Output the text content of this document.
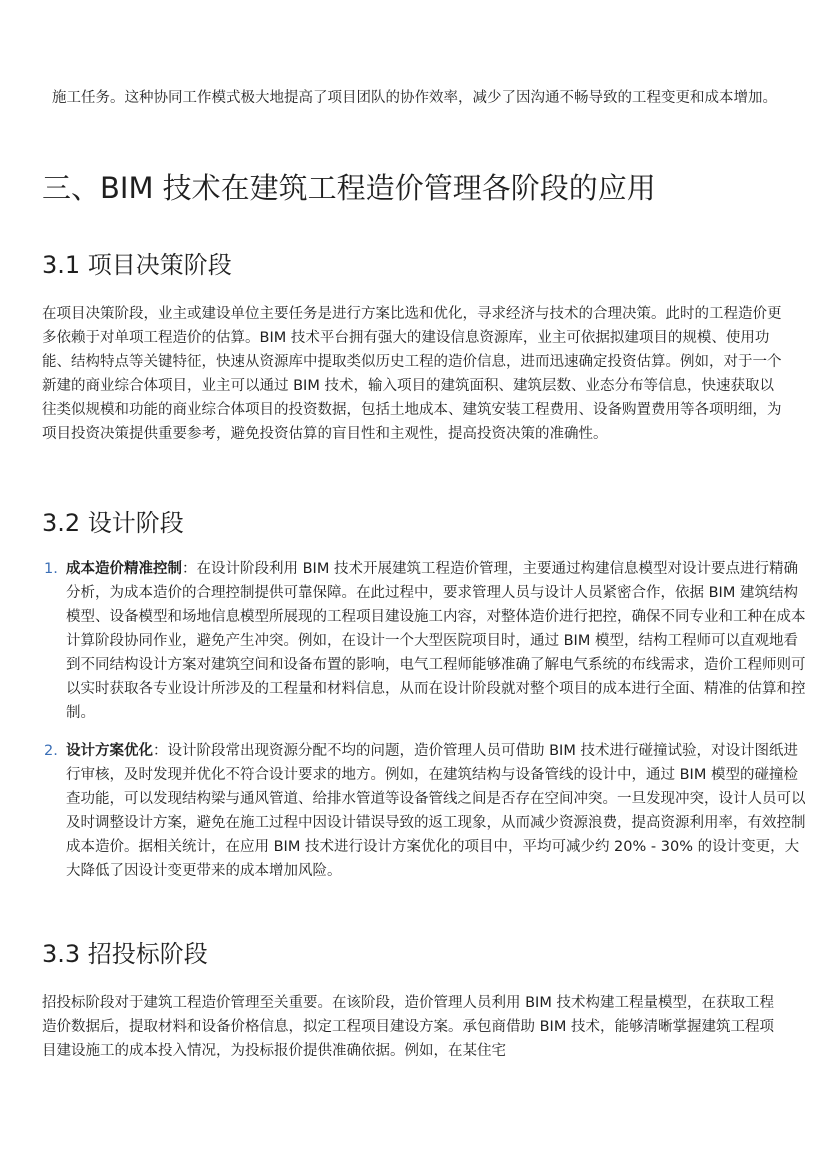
施工任务。这种协同工作模式极大地提高了项目团队的协作效率，减少了因沟通不畅导致的工程变更和成本增加。

三、BIM 技术在建筑工程造价管理各阶段的应用
3.1 项目决策阶段

在项目决策阶段，业主或建设单位主要任务是进行方案比选和优化，寻求经济与技术的合理决策。此时的工程造价更多依赖于对单项工程造价的估算。BIM 技术平台拥有强大的建设信息资源库，业主可依据拟建项目的规模、使用功能、结构特点等关键特征，快速从资源库中提取类似历史工程的造价信息，进而迅速确定投资估算。例如，对于一个新建的商业综合体项目，业主可以通过 BIM 技术，输入项目的建筑面积、建筑层数、业态分布等信息，快速获取以往类似规模和功能的商业综合体项目的投资数据，包括土地成本、建筑安装工程费用、设备购置费用等各项明细，为项目投资决策提供重要参考，避免投资估算的盲目性和主观性，提高投资决策的准确性。

3.2 设计阶段
1. 成本造价精准控制：在设计阶段利用 BIM 技术开展建筑工程造价管理，主要通过构建信息模型对设计要点进行精确分析，为成本造价的合理控制提供可靠保障。在此过程中，要求管理人员与设计人员紧密合作，依据 BIM 建筑结构模型、设备模型和场地信息模型所展现的工程项目建设施工内容，对整体造价进行把控，确保不同专业和工种在成本计算阶段协同作业，避免产生冲突。例如，在设计一个大型医院项目时，通过 BIM 模型，结构工程师可以直观地看到不同结构设计方案对建筑空间和设备布置的影响，电气工程师能够准确了解电气系统的布线需求，造价工程师则可以实时获取各专业设计所涉及的工程量和材料信息，从而在设计阶段就对整个项目的成本进行全面、精准的估算和控制。

2. 设计方案优化：设计阶段常出现资源分配不均的问题，造价管理人员可借助 BIM 技术进行碰撞试验，对设计图纸进行审核，及时发现并优化不符合设计要求的地方。例如，在建筑结构与设备管线的设计中，通过 BIM 模型的碰撞检查功能，可以发现结构梁与通风管道、给排水管道等设备管线之间是否存在空间冲突。一旦发现冲突，设计人员可以及时调整设计方案，避免在施工过程中因设计错误导致的返工现象，从而减少资源浪费，提高资源利用率，有效控制成本造价。据相关统计，在应用 BIM 技术进行设计方案优化的项目中，平均可减少约 20% - 30% 的设计变更，大大降低了因设计变更带来的成本增加风险。

3.3 招投标阶段

招投标阶段对于建筑工程造价管理至关重要。在该阶段，造价管理人员利用 BIM 技术构建工程量模型，在获取工程造价数据后，提取材料和设备价格信息，拟定工程项目建设方案。承包商借助 BIM 技术，能够清晰掌握建筑工程项目建设施工的成本投入情况，为投标报价提供准确依据。例如，在某住宅
